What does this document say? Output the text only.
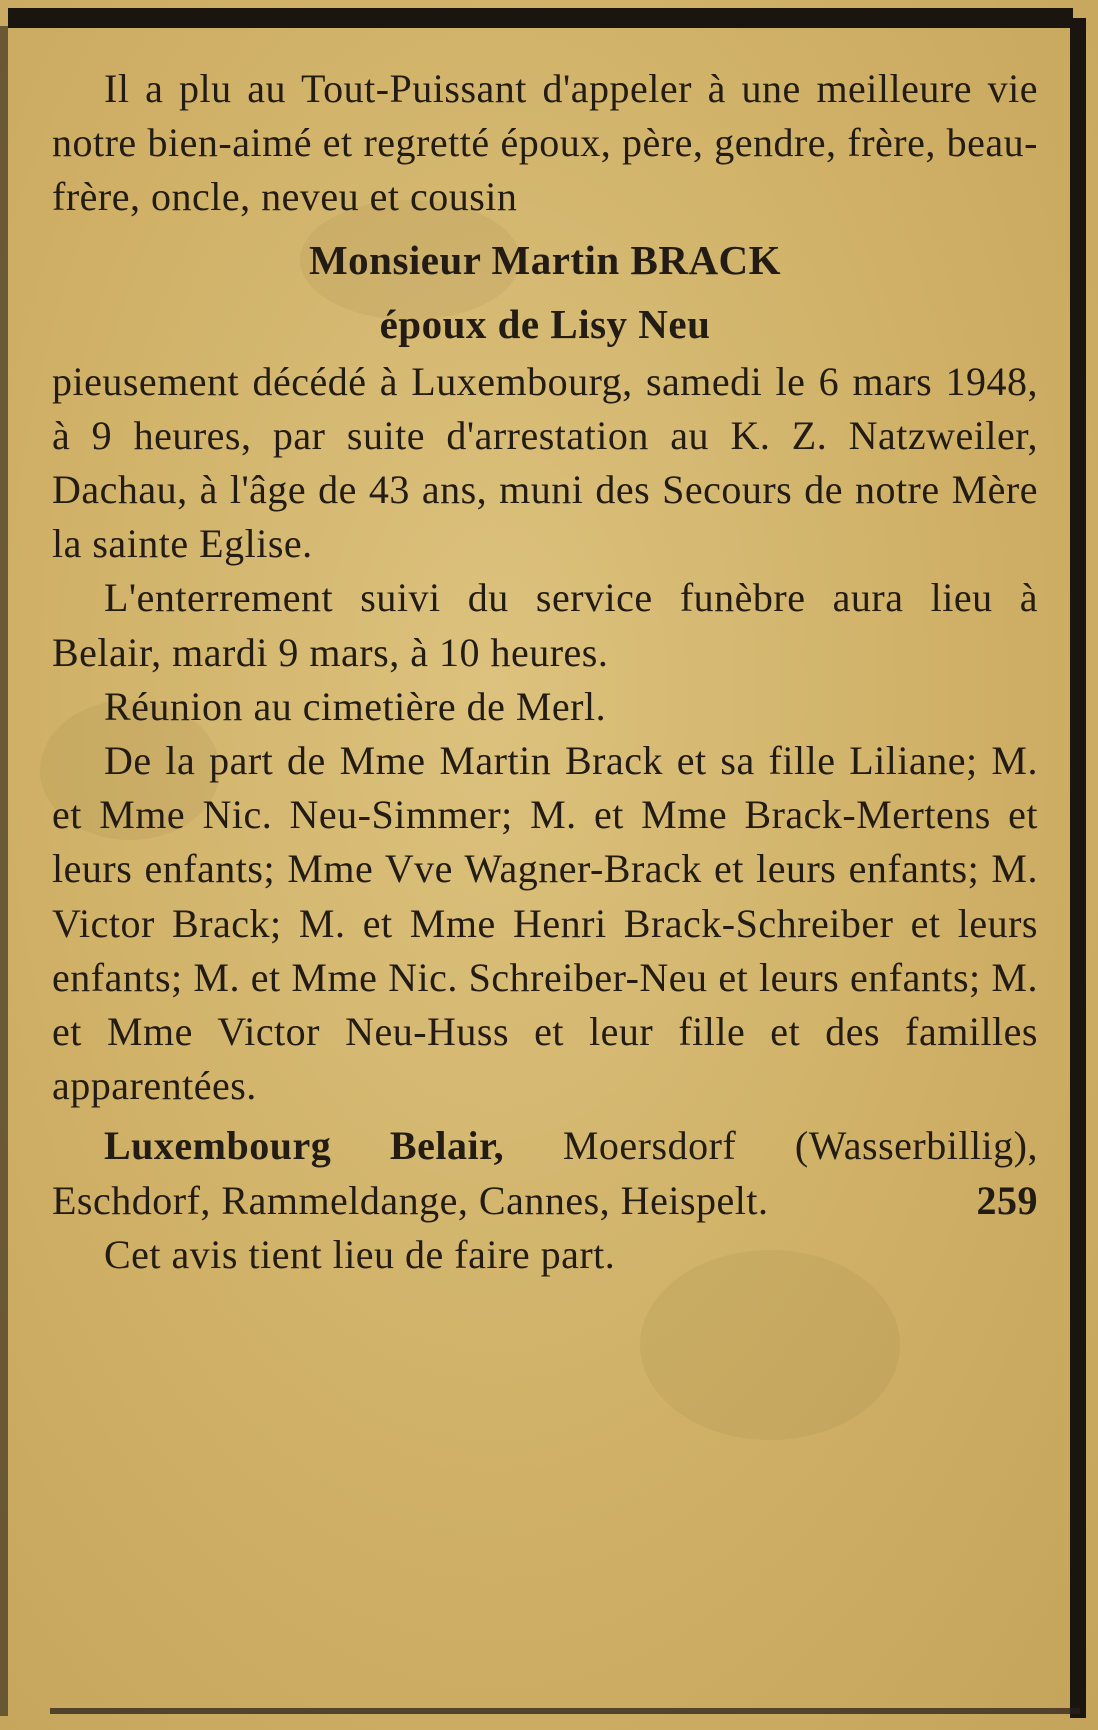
Il a plu au Tout-Puissant d'appeler à une meilleure vie notre bien-aimé et regretté époux, père, gendre, frère, beau-frère, oncle, neveu et cousin

Monsieur Martin BRACK

époux de Lisy Neu

pieusement décédé à Luxembourg, samedi le 6 mars 1948, à 9 heures, par suite d'arrestation au K. Z. Natzweiler, Dachau, à l'âge de 43 ans, muni des Secours de notre Mère la sainte Eglise.

L'enterrement suivi du service funèbre aura lieu à Belair, mardi 9 mars, à 10 heures.

Réunion au cimetière de Merl.

De la part de Mme Martin Brack et sa fille Liliane; M. et Mme Nic. Neu-Simmer; M. et Mme Brack-Mertens et leurs enfants; Mme Vve Wagner-Brack et leurs enfants; M. Victor Brack; M. et Mme Henri Brack-Schreiber et leurs enfants; M. et Mme Nic. Schreiber-Neu et leurs enfants; M. et Mme Victor Neu-Huss et leur fille et des familles apparentées.

Luxembourg Belair, Moersdorf (Wasserbillig), Eschdorf, Rammeldange, Cannes, Heispelt.	259

Cet avis tient lieu de faire part.
